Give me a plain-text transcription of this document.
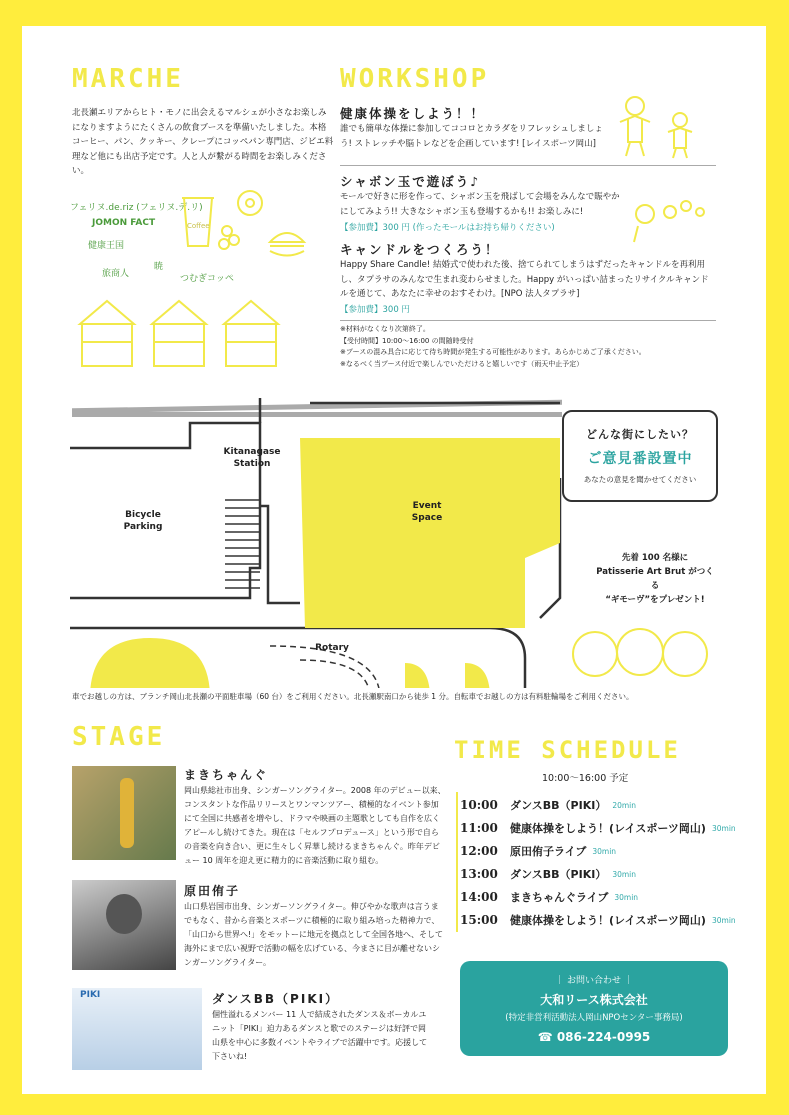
MARCHE
北長瀬エリアからヒト・モノに出会えるマルシェが小さなお楽しみになりますようにたくさんの飲食ブースを準備いたしました。本格コーヒー、パン、クッキー、クレープにコッペパン専門店、ジビエ料理など他にも出店予定です。人と人が繋がる時間をお楽しみください。
フェリヌ.de.riz (フェリヌ.デ.リ)
JOMON FACT
健康王国
旅商人
暁
つむぎコッペ
Coffee
WORKSHOP
健康体操をしよう！！
誰でも簡単な体操に参加してココロとカラダをリフレッシュしましょう! ストレッチや脳トレなどを企画しています! [レイスポーツ岡山]
シャボン玉で遊ぼう♪
モールで好きに形を作って、シャボン玉を飛ばして会場をみんなで賑やかにしてみよう!! 大きなシャボン玉も登場するかも!! お楽しみに!
【参加費】300 円 (作ったモールはお持ち帰りください)
キャンドルをつくろう！
Happy Share Candle! 結婚式で使われた後、捨てられてしまうはずだったキャンドルを再利用し、タプラサのみんなで生まれ変わらせました。Happy がいっぱい詰まったリサイクルキャンドルを通じて、あなたに幸せのおすそわけ。[NPO 法人タプラサ]
【参加費】300 円
※材料がなくなり次第終了。
【受付時間】10:00～16:00 の間随時受付
※ブースの混み具合に応じて待ち時間が発生する可能性があります。あらかじめご了承ください。
※なるべく当ブース付近で楽しんでいただけると嬉しいです（雨天中止予定）
Kitanagase Station
Bicycle Parking
Event Space
Rotary
どんな街にしたい？
ご意見番設置中
あなたの意見を聞かせてください
先着 100 名様に
Patisserie Art Brut がつくる
“ギモーヴ”をプレゼント!
車でお越しの方は、ブランチ岡山北長瀬の平面駐車場（60 台）をご利用ください。北長瀬駅南口から徒歩 1 分。自転車でお越しの方は有料駐輪場をご利用ください。
STAGE
まきちゃんぐ
岡山県総社市出身、シンガーソングライター。2008 年のデビュー以来、コンスタントな作品リリースとワンマンツアー、積極的なイベント参加にて全国に共感者を増やし、ドラマや映画の主題歌としても自作を広くアピールし続けてきた。現在は「セルフプロデュース」という形で自らの音楽を向き合い、更に生々しく昇華し続けるまきちゃんぐ。昨年デビュー 10 周年を迎え更に精力的に音楽活動に取り組む。
原田侑子
山口県岩国市出身、シンガーソングライター。伸びやかな歌声は言うまでもなく、昔から音楽とスポーツに積極的に取り組み培った精神力で、「山口から世界へ!」をモットーに地元を拠点として全国各地へ、そして海外にまで広い視野で活動の幅を広げている、今まさに目が離せないシンガーソングライター。
PIKI	ダンスBB（PIKI）
個性溢れるメンバー 11 人で結成されたダンス＆ボーカルユニット「PIKI」迫力あるダンスと歌でのステージは好評で岡山県を中心に多数イベントやライブで活躍中です。応援して下さいね!
TIME SCHEDULE
10:00～16:00 予定
10:00	ダンスBB（PIKI） 20min
11:00	健康体操をしよう！(レイスポーツ岡山) 30min
12:00	原田侑子ライブ 30min
13:00	ダンスBB（PIKI） 30min
14:00	まきちゃんぐライブ 30min
15:00	健康体操をしよう！(レイスポーツ岡山) 30min
｜ お問い合わせ ｜
大和リース株式会社
(特定非営利活動法人岡山NPOセンター事務局)
☎ 086-224-0995
